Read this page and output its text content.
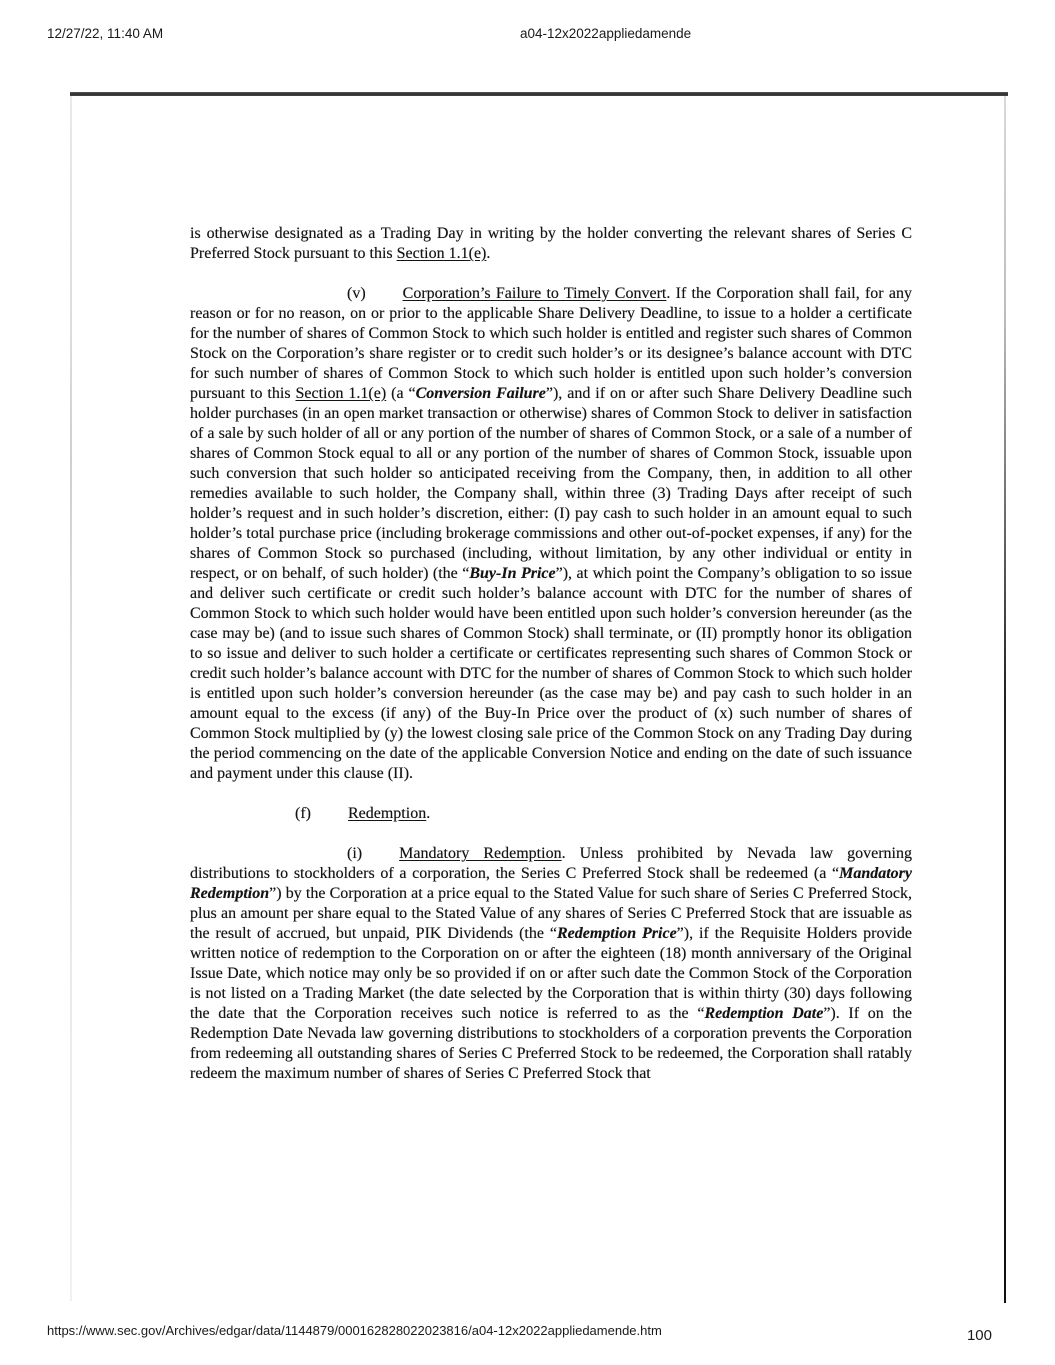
12/27/22, 11:40 AM	a04-12x2022appliedamende

is otherwise designated as a Trading Day in writing by the holder converting the relevant shares of Series C Preferred Stock pursuant to this Section 1.1(e).

(v) Corporation’s Failure to Timely Convert. If the Corporation shall fail, for any reason or for no reason, on or prior to the applicable Share Delivery Deadline, to issue to a holder a certificate for the number of shares of Common Stock to which such holder is entitled and register such shares of Common Stock on the Corporation’s share register or to credit such holder’s or its designee’s balance account with DTC for such number of shares of Common Stock to which such holder is entitled upon such holder’s conversion pursuant to this Section 1.1(e) (a “Conversion Failure”), and if on or after such Share Delivery Deadline such holder purchases (in an open market transaction or otherwise) shares of Common Stock to deliver in satisfaction of a sale by such holder of all or any portion of the number of shares of Common Stock, or a sale of a number of shares of Common Stock equal to all or any portion of the number of shares of Common Stock, issuable upon such conversion that such holder so anticipated receiving from the Company, then, in addition to all other remedies available to such holder, the Company shall, within three (3) Trading Days after receipt of such holder’s request and in such holder’s discretion, either: (I) pay cash to such holder in an amount equal to such holder’s total purchase price (including brokerage commissions and other out-of-pocket expenses, if any) for the shares of Common Stock so purchased (including, without limitation, by any other individual or entity in respect, or on behalf, of such holder) (the “Buy-In Price”), at which point the Company’s obligation to so issue and deliver such certificate or credit such holder’s balance account with DTC for the number of shares of Common Stock to which such holder would have been entitled upon such holder’s conversion hereunder (as the case may be) (and to issue such shares of Common Stock) shall terminate, or (II) promptly honor its obligation to so issue and deliver to such holder a certificate or certificates representing such shares of Common Stock or credit such holder’s balance account with DTC for the number of shares of Common Stock to which such holder is entitled upon such holder’s conversion hereunder (as the case may be) and pay cash to such holder in an amount equal to the excess (if any) of the Buy-In Price over the product of (x) such number of shares of Common Stock multiplied by (y) the lowest closing sale price of the Common Stock on any Trading Day during the period commencing on the date of the applicable Conversion Notice and ending on the date of such issuance and payment under this clause (II).

(f) Redemption.

(i) Mandatory Redemption. Unless prohibited by Nevada law governing distributions to stockholders of a corporation, the Series C Preferred Stock shall be redeemed (a “Mandatory Redemption”) by the Corporation at a price equal to the Stated Value for such share of Series C Preferred Stock, plus an amount per share equal to the Stated Value of any shares of Series C Preferred Stock that are issuable as the result of accrued, but unpaid, PIK Dividends (the “Redemption Price”), if the Requisite Holders provide written notice of redemption to the Corporation on or after the eighteen (18) month anniversary of the Original Issue Date, which notice may only be so provided if on or after such date the Common Stock of the Corporation is not listed on a Trading Market (the date selected by the Corporation that is within thirty (30) days following the date that the Corporation receives such notice is referred to as the “Redemption Date”). If on the Redemption Date Nevada law governing distributions to stockholders of a corporation prevents the Corporation from redeeming all outstanding shares of Series C Preferred Stock to be redeemed, the Corporation shall ratably redeem the maximum number of shares of Series C Preferred Stock that

https://www.sec.gov/Archives/edgar/data/1144879/000162828022023816/a04-12x2022appliedamende.htm	100
